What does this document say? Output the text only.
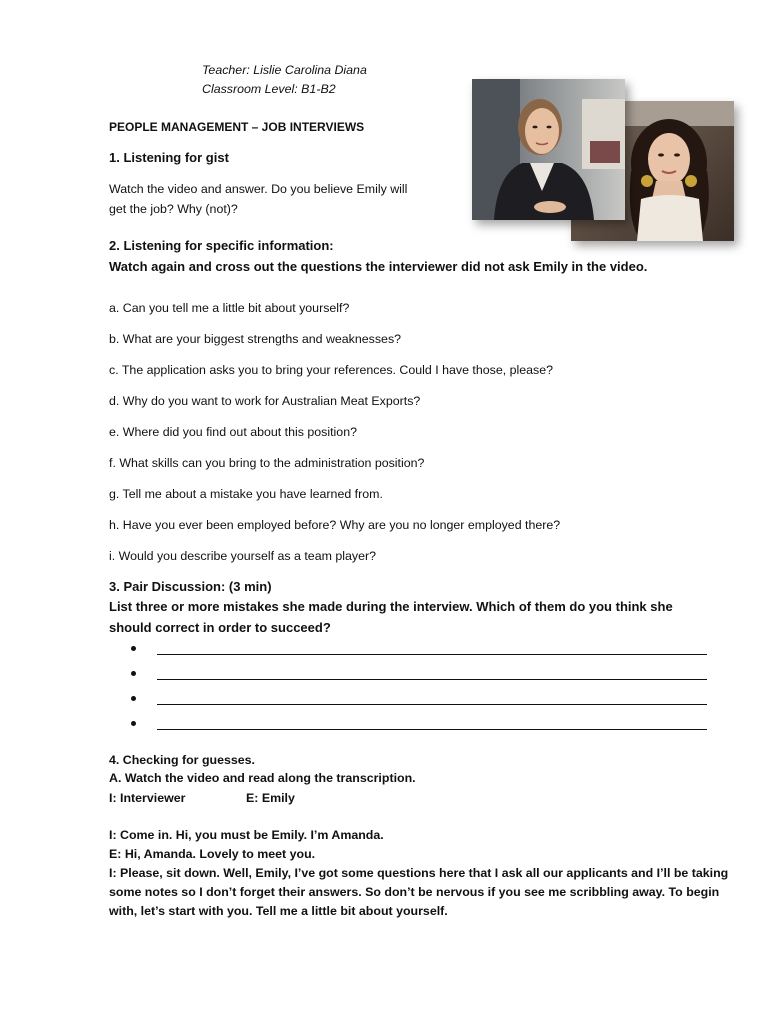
Teacher: Lislie Carolina Diana
Classroom Level: B1-B2
PEOPLE MANAGEMENT – JOB INTERVIEWS
1. Listening for gist
Watch the video and answer. Do you believe Emily will
get the job? Why (not)?
2. Listening for specific information:
Watch again and cross out the questions the interviewer did not ask Emily in the video.
a. Can you tell me a little bit about yourself?
b. What are your biggest strengths and weaknesses?
c. The application asks you to bring your references. Could I have those, please?
d. Why do you want to work for Australian Meat Exports?
e. Where did you find out about this position?
f. What skills can you bring to the administration position?
g. Tell me about a mistake you have learned from.
h. Have you ever been employed before? Why are you no longer employed there?
i. Would you describe yourself as a team player?
3. Pair Discussion: (3 min)
List three or more mistakes she made during the interview. Which of them do you think she
should correct in order to succeed?
4. Checking for guesses.
A. Watch the video and read along the transcription.
I: Interviewer	E: Emily
I: Come in. Hi, you must be Emily. I’m Amanda.
E: Hi, Amanda. Lovely to meet you.
I: Please, sit down. Well, Emily, I’ve got some questions here that I ask all our applicants and I’ll be taking
some notes so I don’t forget their answers. So don’t be nervous if you see me scribbling away. To begin
with, let’s start with you. Tell me a little bit about yourself.
